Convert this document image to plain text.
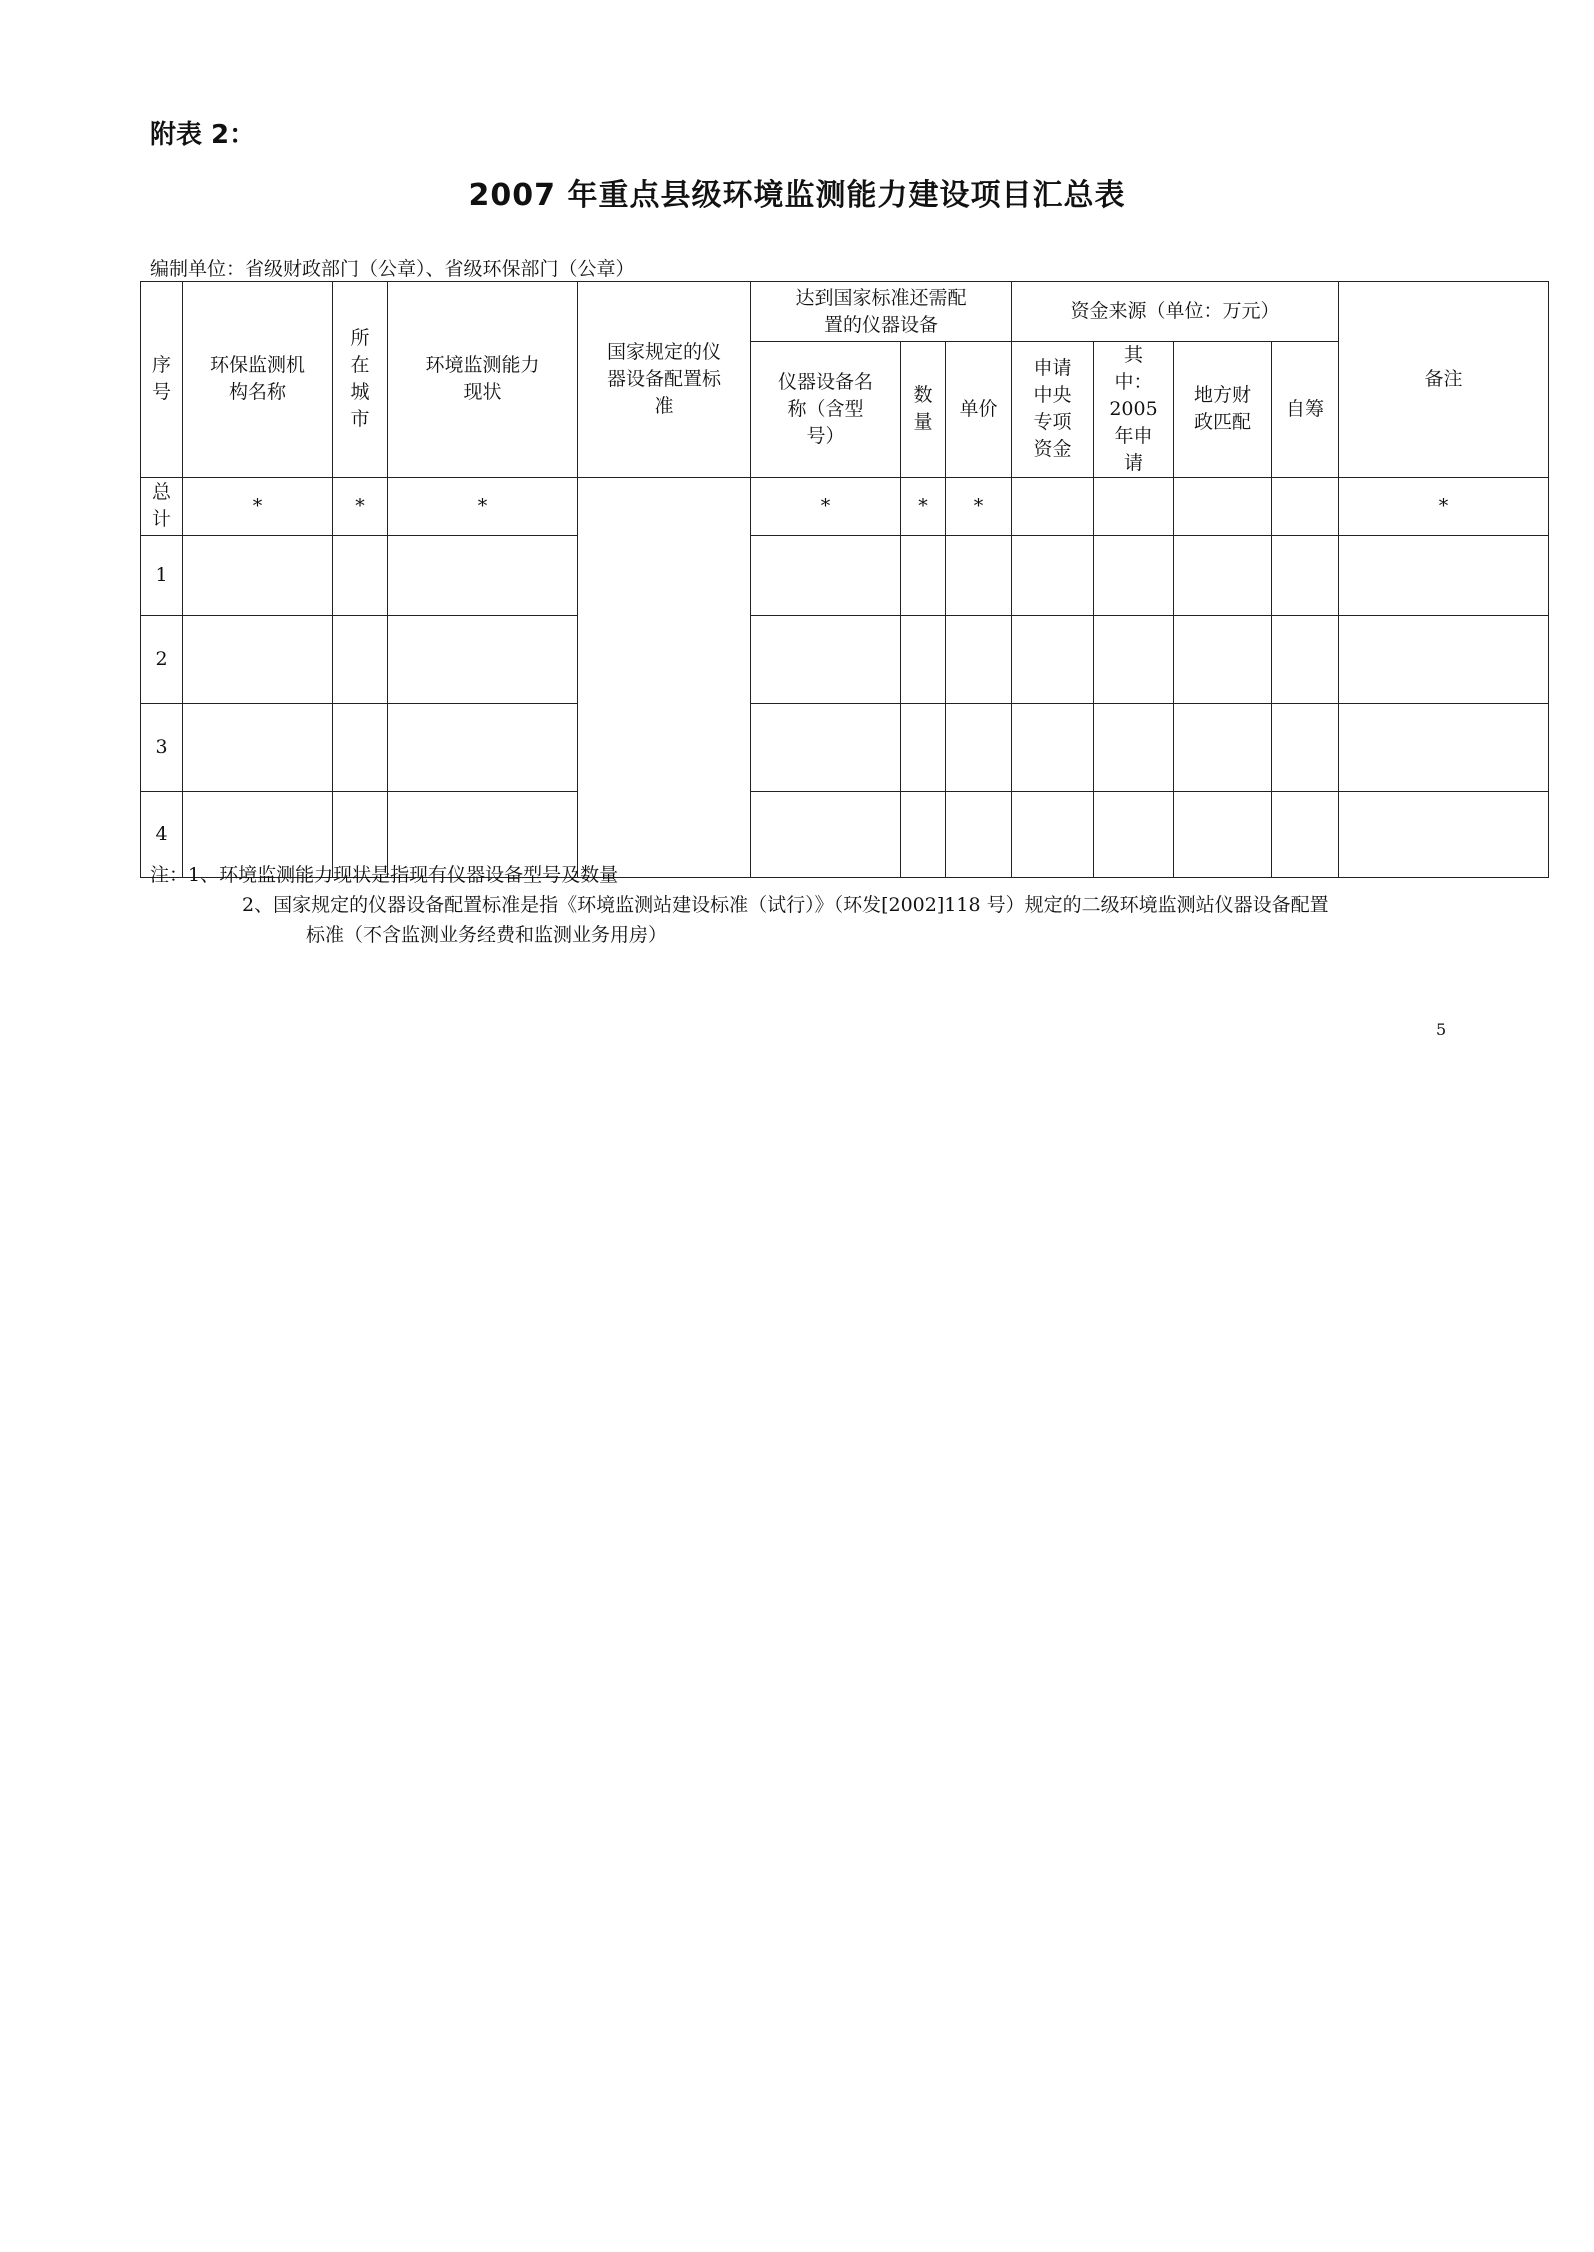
附表 2：
2007 年重点县级环境监测能力建设项目汇总表
编制单位：省级财政部门（公章）、省级环保部门（公章）
序号	环保监测机构名称	所在城市	环境监测能力现状	国家规定的仪器设备配置标准	达到国家标准还需配置的仪器设备			资金来源（单位：万元）				备注

					仪器设备名称（含型号）	数量	单价	申请中央专项资金	其中：2005 年申请	地方财政匹配	自筹	

总计	*	*	*		*	*	*					*
1												
2												
3												
4												
注：1、环境监测能力现状是指现有仪器设备型号及数量
2、国家规定的仪器设备配置标准是指《环境监测站建设标准（试行）》（环发[2002]118 号）规定的二级环境监测站仪器设备配置
标准（不含监测业务经费和监测业务用房）
5
